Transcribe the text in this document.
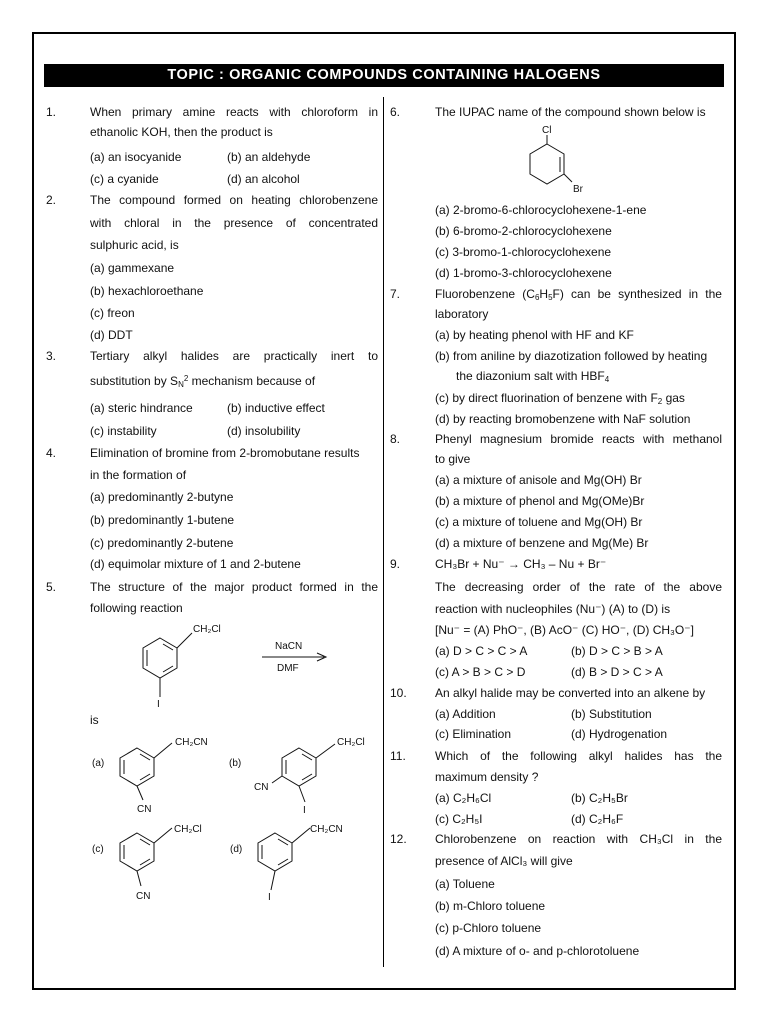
TOPIC : ORGANIC COMPOUNDS CONTAINING HALOGENS
1.	When primary amine reacts with chloroform in
ethanolic KOH, then the product is
(a) an isocyanide	(b) an aldehyde
(c) a cyanide	(d) an alcohol
2.	The compound formed on heating chlorobenzene
with chloral in the presence of concentrated
sulphuric acid, is
(a) gammexane
(b) hexachloroethane
(c) freon
(d) DDT
3.	Tertiary alkyl halides are practically inert to
substitution by $S_N^2$ mechanism because of
(a) steric hindrance	(b) inductive effect
(c) instability	(d) insolubility
4.	Elimination of bromine from 2-bromobutane results
in the formation of
(a) predominantly 2-butyne
(b) predominantly 1-butene
(c) predominantly 2-butene
(d) equimolar mixture of 1 and 2-butene
5.	The structure of the major product formed in the
following reaction
CH₂Cl
I
NaCN
DMF
is
(a)
CH₂CN
CN
(b)
CH₂Cl
CN
I
(c)
CH₂Cl
CN
(d)
CH₂CN
I
6.	The IUPAC name of the compound shown below is
Cl
Br
(a) 2-bromo-6-chlorocyclohexene-1-ene
(b) 6-bromo-2-chlorocyclohexene
(c) 3-bromo-1-chlorocyclohexene
(d) 1-bromo-3-chlorocyclohexene
7.	Fluorobenzene $(C_6H_5F)$ can be synthesized in the
laboratory
(a) by heating phenol with HF and KF
(b) from aniline by diazotization followed by heating
the diazonium salt with $HBF_4$
(c) by direct fluorination of benzene with $F_2$ gas
(d) by reacting bromobenzene with NaF solution
8.	Phenyl magnesium bromide reacts with methanol
to give
(a) a mixture of anisole and Mg(OH) Br
(b) a mixture of phenol and Mg(OMe)Br
(c) a mixture of toluene and Mg(OH) Br
(d) a mixture of benzene and Mg(Me) Br
9.	CH₃Br + Nu⁻ → CH₃ – Nu + Br⁻
The decreasing order of the rate of the above
reaction with nucleophiles (Nu⁻) (A) to (D) is
[Nu⁻ = (A) PhO⁻, (B) AcO⁻ (C) HO⁻, (D) CH₃O⁻]
(a) D > C > C > A	(b) D > C > B > A
(c) A > B > C > D	(d) B > D > C > A
10. An alkyl halide may be converted into an alkene by
(a) Addition	(b) Substitution
(c) Elimination	(d) Hydrogenation
11. Which of the following alkyl halides has the
maximum density ?
(a) C₂H₆Cl	(b) C₂H₅Br
(c) C₂H₅I	(d) C₂H₆F
12. Chlorobenzene on reaction with CH₃Cl in the
presence of AlCl₃ will give
(a) Toluene
(b) m-Chloro toluene
(c) p-Chloro toluene
(d) A mixture of o- and p-chlorotoluene
